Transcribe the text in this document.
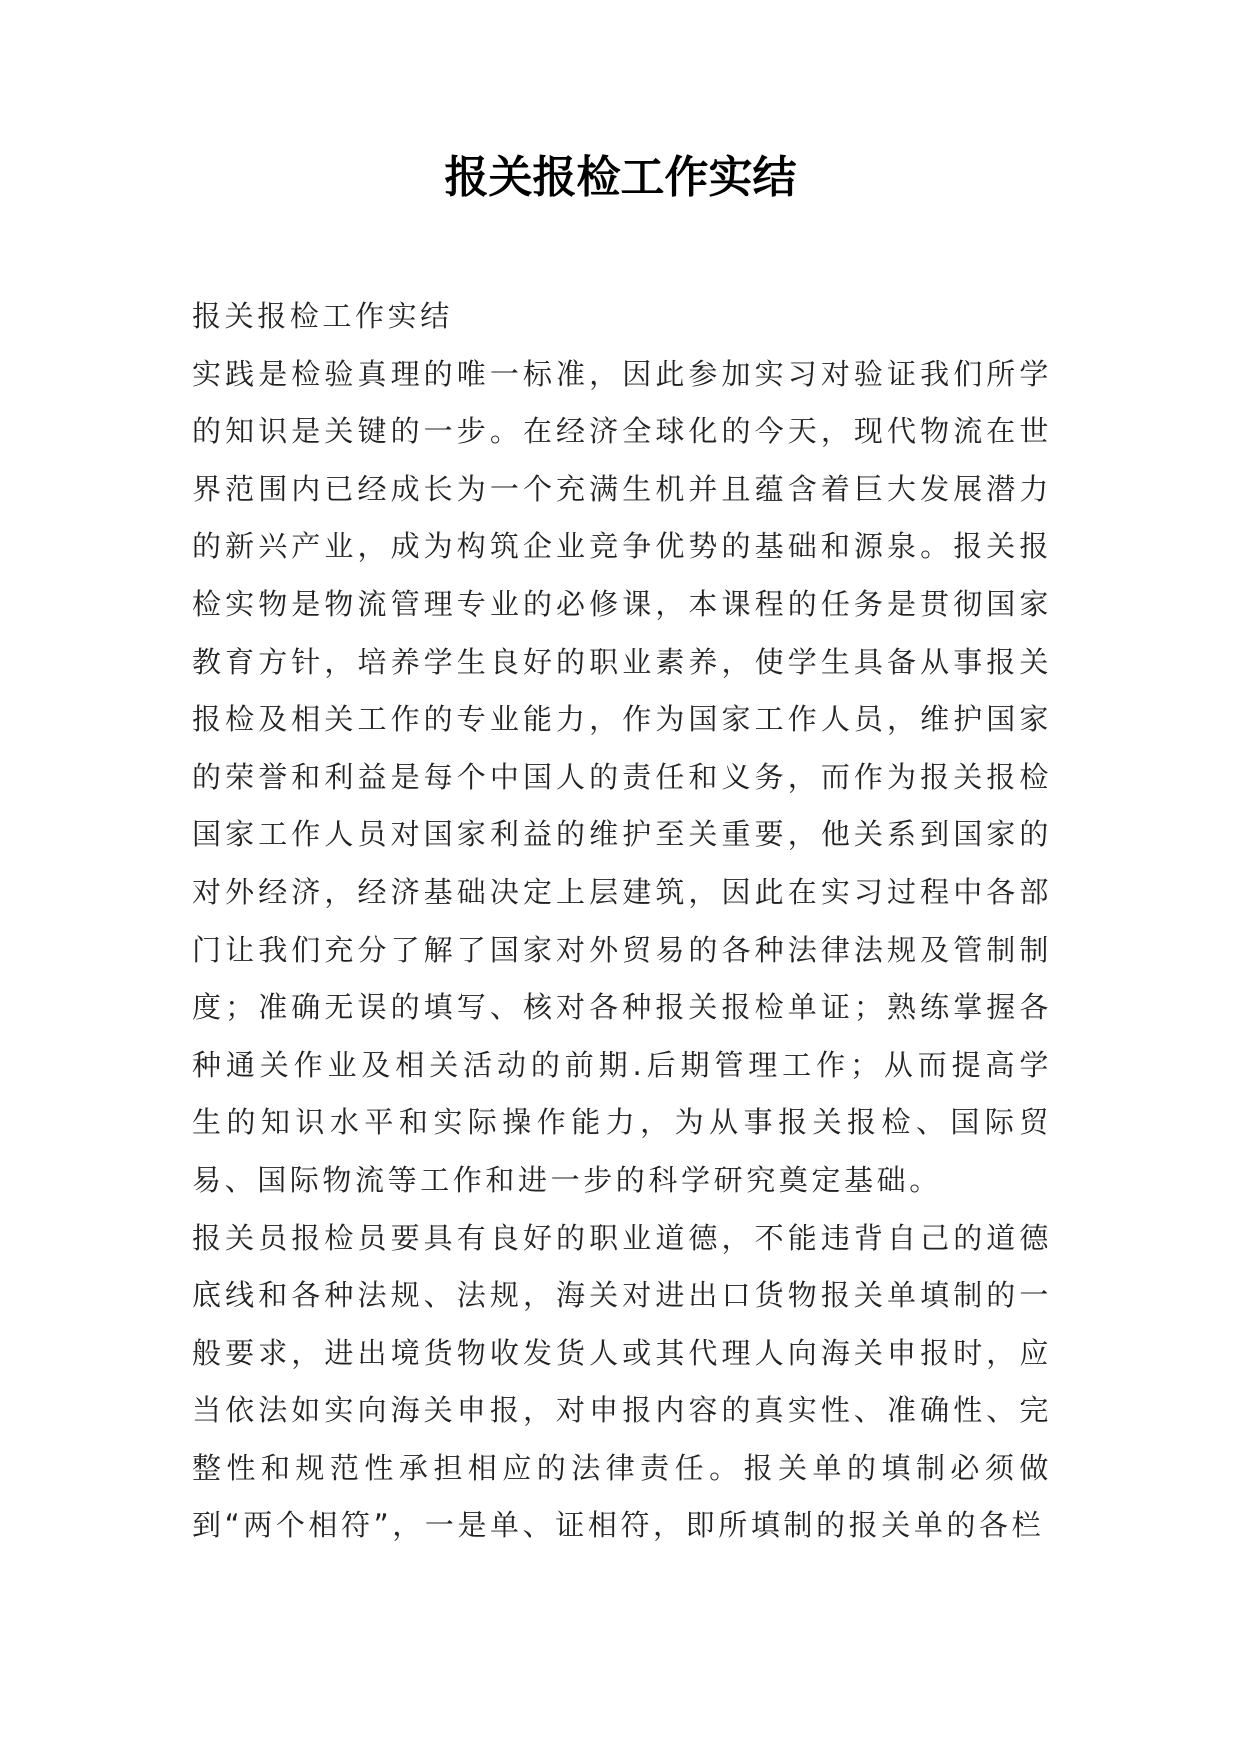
报关报检工作实结

报关报检工作实结

实践是检验真理的唯一标准，因此参加实习对验证我们所学的知识是关键的一步。在经济全球化的今天，现代物流在世界范围内已经成长为一个充满生机并且蕴含着巨大发展潜力的新兴产业，成为构筑企业竞争优势的基础和源泉。报关报检实物是物流管理专业的必修课，本课程的任务是贯彻国家教育方针，培养学生良好的职业素养，使学生具备从事报关报检及相关工作的专业能力，作为国家工作人员，维护国家的荣誉和利益是每个中国人的责任和义务，而作为报关报检国家工作人员对国家利益的维护至关重要，他关系到国家的对外经济，经济基础决定上层建筑，因此在实习过程中各部门让我们充分了解了国家对外贸易的各种法律法规及管制制度；准确无误的填写、核对各种报关报检单证；熟练掌握各种通关作业及相关活动的前期.后期管理工作；从而提高学生的知识水平和实际操作能力，为从事报关报检、国际贸易、国际物流等工作和进一步的科学研究奠定基础。

报关员报检员要具有良好的职业道德，不能违背自己的道德底线和各种法规、法规，海关对进出口货物报关单填制的一般要求，进出境货物收发货人或其代理人向海关申报时，应当依法如实向海关申报，对申报内容的真实性、准确性、完整性和规范性承担相应的法律责任。报关单的填制必须做到“两个相符”，一是单、证相符，即所填制的报关单的各栏
